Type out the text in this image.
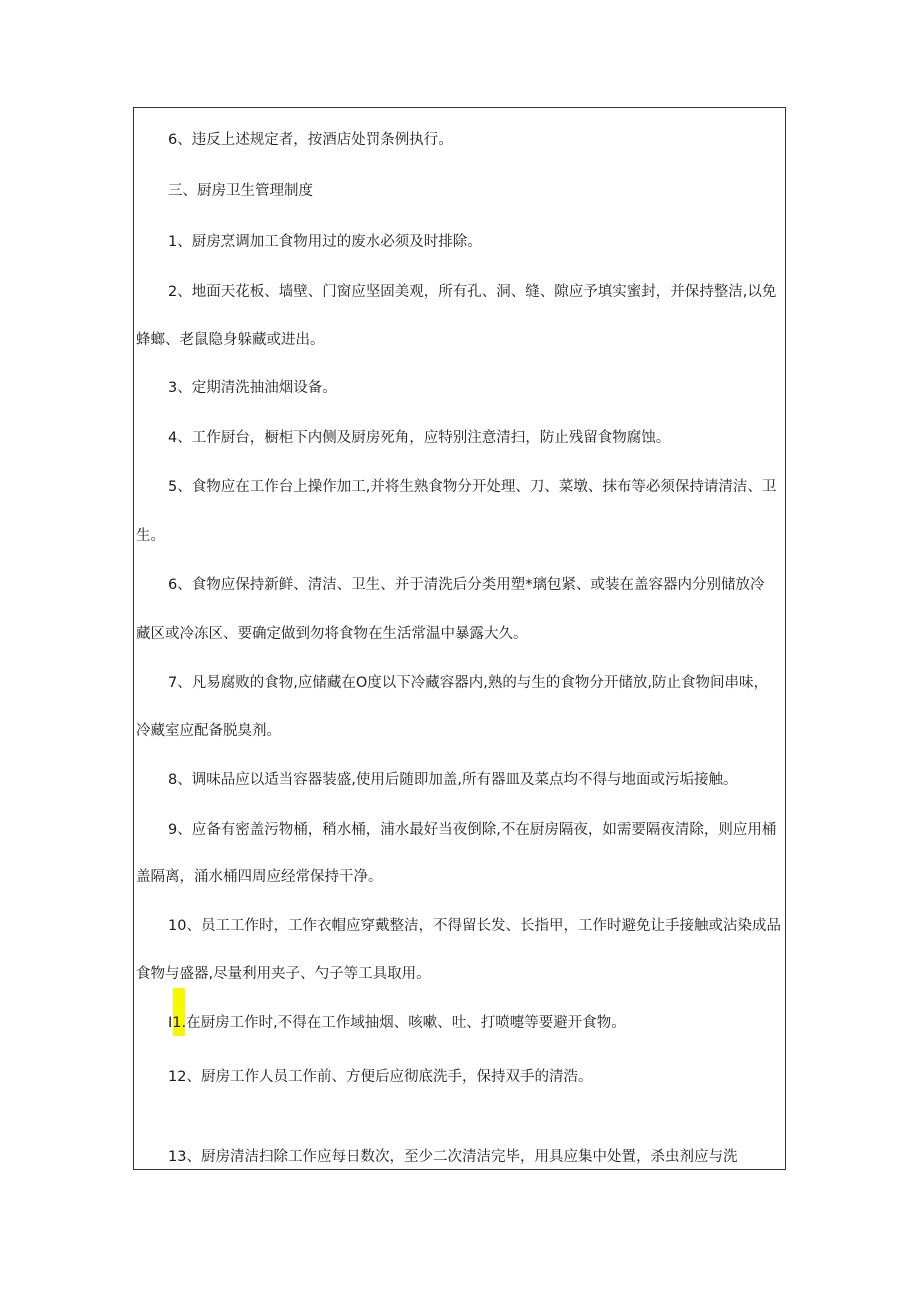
6、违反上述规定者，按酒店处罚条例执行。
三、厨房卫生管理制度
1、厨房烹调加工食物用过的废水必须及时排除。
2、地面天花板、墙壁、门窗应坚固美观，所有孔、洞、缝、隙应予填实蜜封，并保持整洁,以免
蜂螂、老鼠隐身躲藏或进出。
3、定期清洗抽油烟设备。
4、工作厨台，橱柜下内侧及厨房死角，应特别注意清扫，防止残留食物腐蚀。
5、食物应在工作台上操作加工,并将生熟食物分开处理、刀、菜墩、抹布等必须保持请清洁、卫
生。
6、食物应保持新鲜、清洁、卫生、并于清洗后分类用塑*璃包紧、或装在盖容器内分别储放冷
藏区或冷冻区、要确定做到勿将食物在生活常温中暴露大久。
7、凡易腐败的食物,应储藏在O度以下冷藏容器内,熟的与生的食物分开储放,防止食物间串味，
冷藏室应配备脱臭剂。
8、调味品应以适当容器装盛,使用后随即加盖,所有器皿及菜点均不得与地面或污垢接触。
9、应备有密盖污物桶，稍水桶，浦水最好当夜倒除,不在厨房隔夜，如需要隔夜清除，则应用桶
盖隔离，涌水桶四周应经常保持干净。
10、员工工作时，工作衣帽应穿戴整洁，不得留长发、长指甲，工作时避免让手接触或沾染成品
食物与盛器,尽量利用夹子、勺子等工具取用。
I1.在厨房工作时,不得在工作域抽烟、咳嗽、吐、打喷嚏等要避开食物。
12、厨房工作人员工作前、方便后应彻底洗手，保持双手的清浩。
13、厨房清洁扫除工作应每日数次，至少二次清洁完毕，用具应集中处置，杀虫剂应与洗
